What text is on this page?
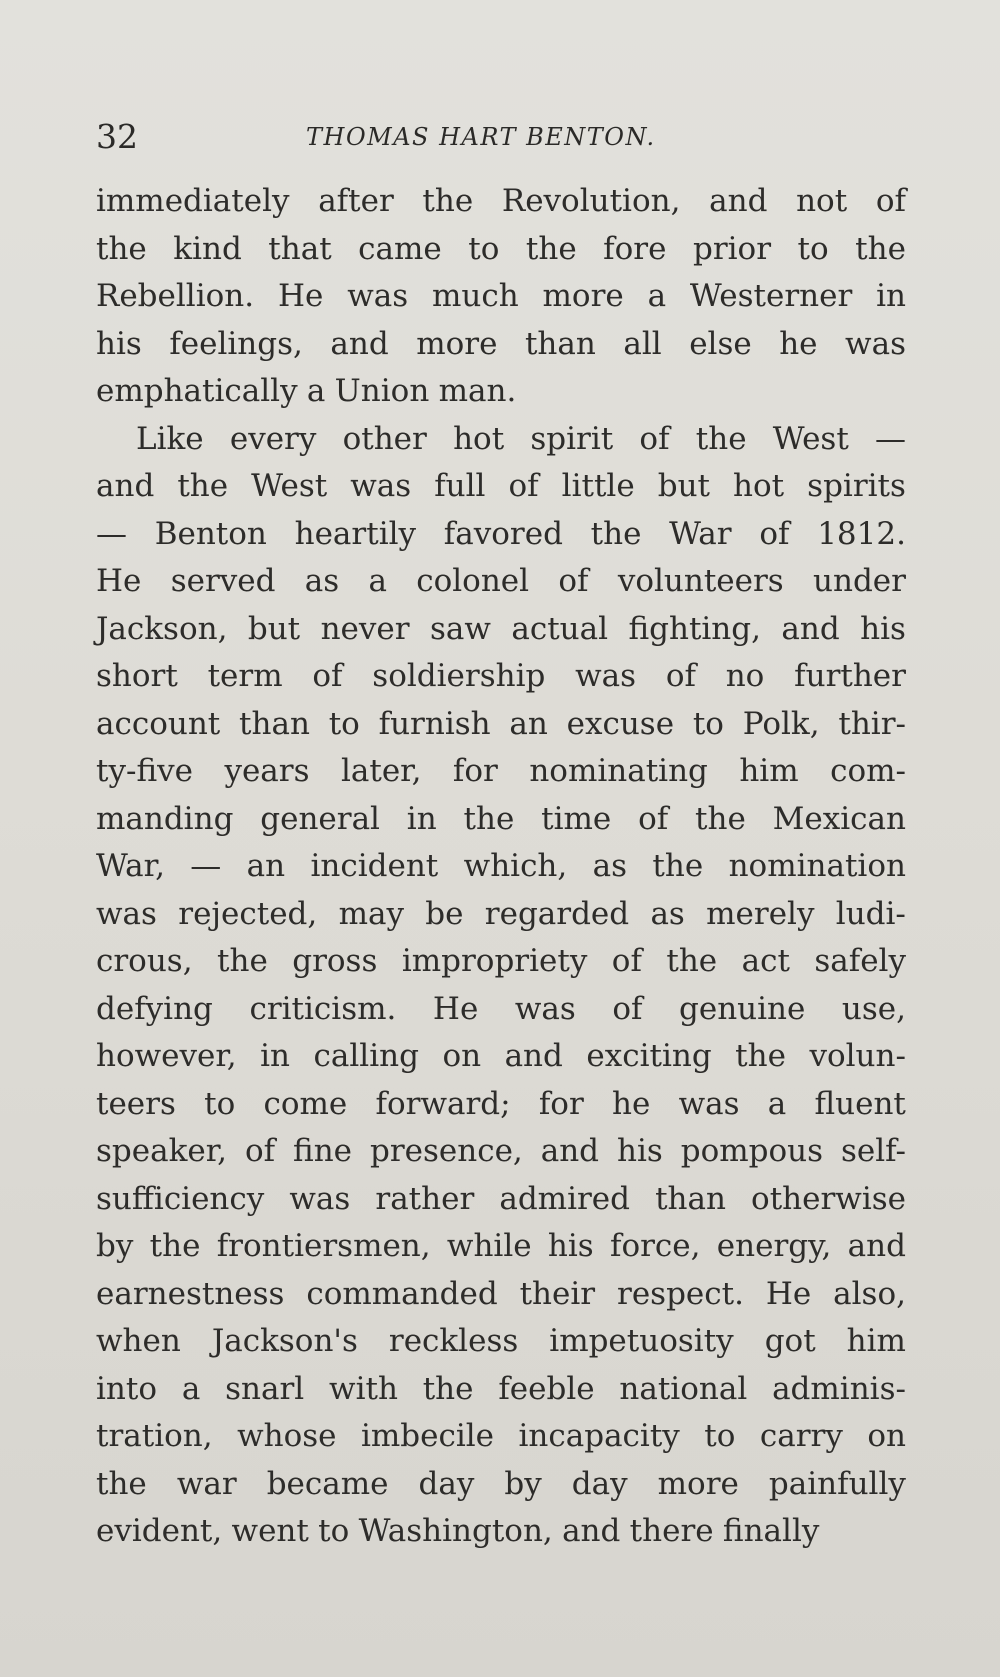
32	THOMAS HART BENTON.
immediately after the Revolution, and not of
the kind that came to the fore prior to the
Rebellion. He was much more a Westerner in
his feelings, and more than all else he was
emphatically a Union man.
Like every other hot spirit of the West —
and the West was full of little but hot spirits
— Benton heartily favored the War of 1812.
He served as a colonel of volunteers under
Jackson, but never saw actual fighting, and his
short term of soldiership was of no further
account than to furnish an excuse to Polk, thir-
ty-five years later, for nominating him com-
manding general in the time of the Mexican
War, — an incident which, as the nomination
was rejected, may be regarded as merely ludi-
crous, the gross impropriety of the act safely
defying criticism. He was of genuine use,
however, in calling on and exciting the volun-
teers to come forward; for he was a fluent
speaker, of fine presence, and his pompous self-
sufficiency was rather admired than otherwise
by the frontiersmen, while his force, energy, and
earnestness commanded their respect. He also,
when Jackson's reckless impetuosity got him
into a snarl with the feeble national adminis-
tration, whose imbecile incapacity to carry on
the war became day by day more painfully
evident, went to Washington, and there finally
